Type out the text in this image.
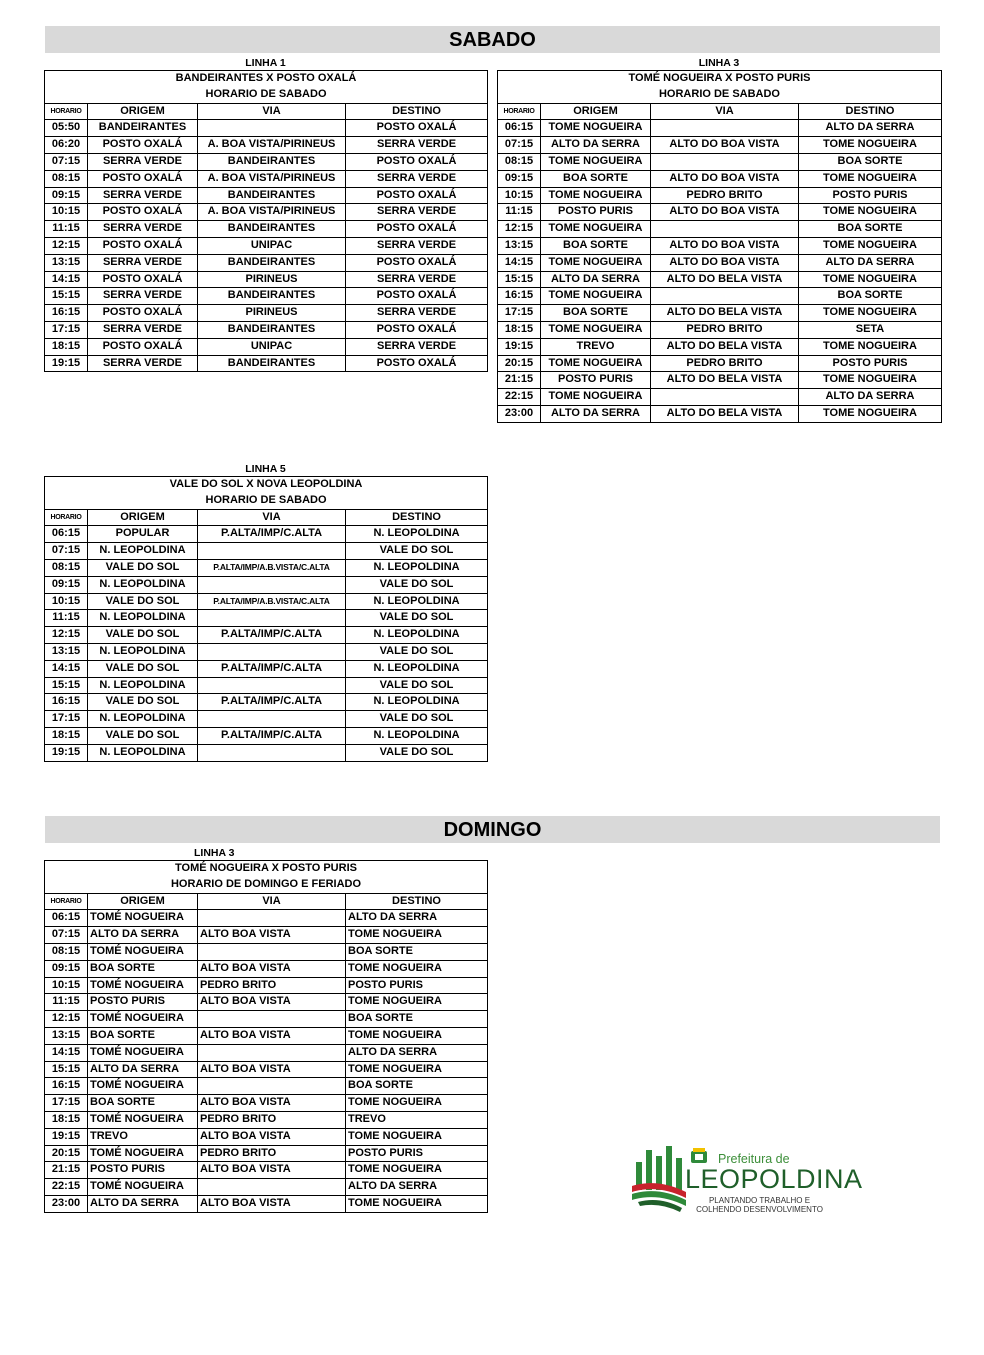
SABADO
LINHA 1
BANDEIRANTES X POSTO OXALÁ			
HORARIO DE SABADO			
HORARIO	ORIGEM	VIA	DESTINO
05:50	BANDEIRANTES		POSTO OXALÁ
06:20	POSTO OXALÁ	A. BOA VISTA/PIRINEUS	SERRA VERDE
07:15	SERRA VERDE	BANDEIRANTES	POSTO OXALÁ
08:15	POSTO OXALÁ	A. BOA VISTA/PIRINEUS	SERRA VERDE
09:15	SERRA VERDE	BANDEIRANTES	POSTO OXALÁ
10:15	POSTO OXALÁ	A. BOA VISTA/PIRINEUS	SERRA VERDE
11:15	SERRA VERDE	BANDEIRANTES	POSTO OXALÁ
12:15	POSTO OXALÁ	UNIPAC	SERRA VERDE
13:15	SERRA VERDE	BANDEIRANTES	POSTO OXALÁ
14:15	POSTO OXALÁ	PIRINEUS	SERRA VERDE
15:15	SERRA VERDE	BANDEIRANTES	POSTO OXALÁ
16:15	POSTO OXALÁ	PIRINEUS	SERRA VERDE
17:15	SERRA VERDE	BANDEIRANTES	POSTO OXALÁ
18:15	POSTO OXALÁ	UNIPAC	SERRA VERDE
19:15	SERRA VERDE	BANDEIRANTES	POSTO OXALÁ
LINHA 3
TOMÉ NOGUEIRA X POSTO PURIS			
HORARIO DE SABADO			
HORARIO	ORIGEM	VIA	DESTINO
06:15	TOME NOGUEIRA		ALTO DA SERRA
07:15	ALTO DA SERRA	ALTO DO BOA VISTA	TOME NOGUEIRA
08:15	TOME NOGUEIRA		BOA SORTE
09:15	BOA SORTE	ALTO DO BOA VISTA	TOME NOGUEIRA
10:15	TOME NOGUEIRA	PEDRO BRITO	POSTO PURIS
11:15	POSTO PURIS	ALTO DO BOA VISTA	TOME NOGUEIRA
12:15	TOME NOGUEIRA		BOA SORTE
13:15	BOA SORTE	ALTO DO BOA VISTA	TOME NOGUEIRA
14:15	TOME NOGUEIRA	ALTO DO BOA VISTA	ALTO DA SERRA
15:15	ALTO DA SERRA	ALTO DO BELA VISTA	TOME NOGUEIRA
16:15	TOME NOGUEIRA		BOA SORTE
17:15	BOA SORTE	ALTO DO BELA VISTA	TOME NOGUEIRA
18:15	TOME NOGUEIRA	PEDRO BRITO	SETA
19:15	TREVO	ALTO DO BELA VISTA	TOME NOGUEIRA
20:15	TOME NOGUEIRA	PEDRO BRITO	POSTO PURIS
21:15	POSTO PURIS	ALTO DO BELA VISTA	TOME NOGUEIRA
22:15	TOME NOGUEIRA		ALTO DA SERRA
23:00	ALTO DA SERRA	ALTO DO BELA VISTA	TOME NOGUEIRA
LINHA 5
VALE DO SOL X NOVA LEOPOLDINA			
HORARIO DE SABADO			
HORARIO	ORIGEM	VIA	DESTINO
06:15	POPULAR	P.ALTA/IMP/C.ALTA	N. LEOPOLDINA
07:15	N. LEOPOLDINA		VALE DO SOL
08:15	VALE DO SOL	P.ALTA/IMP/A.B.VISTA/C.ALTA	N. LEOPOLDINA
09:15	N. LEOPOLDINA		VALE DO SOL
10:15	VALE DO SOL	P.ALTA/IMP/A.B.VISTA/C.ALTA	N. LEOPOLDINA
11:15	N. LEOPOLDINA		VALE DO SOL
12:15	VALE DO SOL	P.ALTA/IMP/C.ALTA	N. LEOPOLDINA
13:15	N. LEOPOLDINA		VALE DO SOL
14:15	VALE DO SOL	P.ALTA/IMP/C.ALTA	N. LEOPOLDINA
15:15	N. LEOPOLDINA		VALE DO SOL
16:15	VALE DO SOL	P.ALTA/IMP/C.ALTA	N. LEOPOLDINA
17:15	N. LEOPOLDINA		VALE DO SOL
18:15	VALE DO SOL	P.ALTA/IMP/C.ALTA	N. LEOPOLDINA
19:15	N. LEOPOLDINA		VALE DO SOL
DOMINGO
LINHA 3
TOMÉ NOGUEIRA X POSTO PURIS			
HORARIO DE DOMINGO E FERIADO			
HORARIO	ORIGEM	VIA	DESTINO
06:15	TOMÉ NOGUEIRA		ALTO DA SERRA
07:15	ALTO DA SERRA	ALTO BOA VISTA	TOME NOGUEIRA
08:15	TOMÉ NOGUEIRA		BOA SORTE
09:15	BOA SORTE	ALTO BOA VISTA	TOME NOGUEIRA
10:15	TOMÉ NOGUEIRA	PEDRO BRITO	POSTO PURIS
11:15	POSTO PURIS	ALTO BOA VISTA	TOME NOGUEIRA
12:15	TOMÉ NOGUEIRA		BOA SORTE
13:15	BOA SORTE	ALTO BOA VISTA	TOME NOGUEIRA
14:15	TOMÉ NOGUEIRA		ALTO DA SERRA
15:15	ALTO DA SERRA	ALTO BOA VISTA	TOME NOGUEIRA
16:15	TOMÉ NOGUEIRA		BOA SORTE
17:15	BOA SORTE	ALTO BOA VISTA	TOME NOGUEIRA
18:15	TOMÉ NOGUEIRA	PEDRO BRITO	TREVO
19:15	TREVO	ALTO BOA VISTA	TOME NOGUEIRA
20:15	TOMÉ NOGUEIRA	PEDRO BRITO	POSTO PURIS
21:15	POSTO PURIS	ALTO BOA VISTA	TOME NOGUEIRA
22:15	TOMÉ NOGUEIRA		ALTO DA SERRA
23:00	ALTO DA SERRA	ALTO BOA VISTA	TOME NOGUEIRA
Prefeitura de
LEOPOLDINA
PLANTANDO TRABALHO E
COLHENDO DESENVOLVIMENTO
